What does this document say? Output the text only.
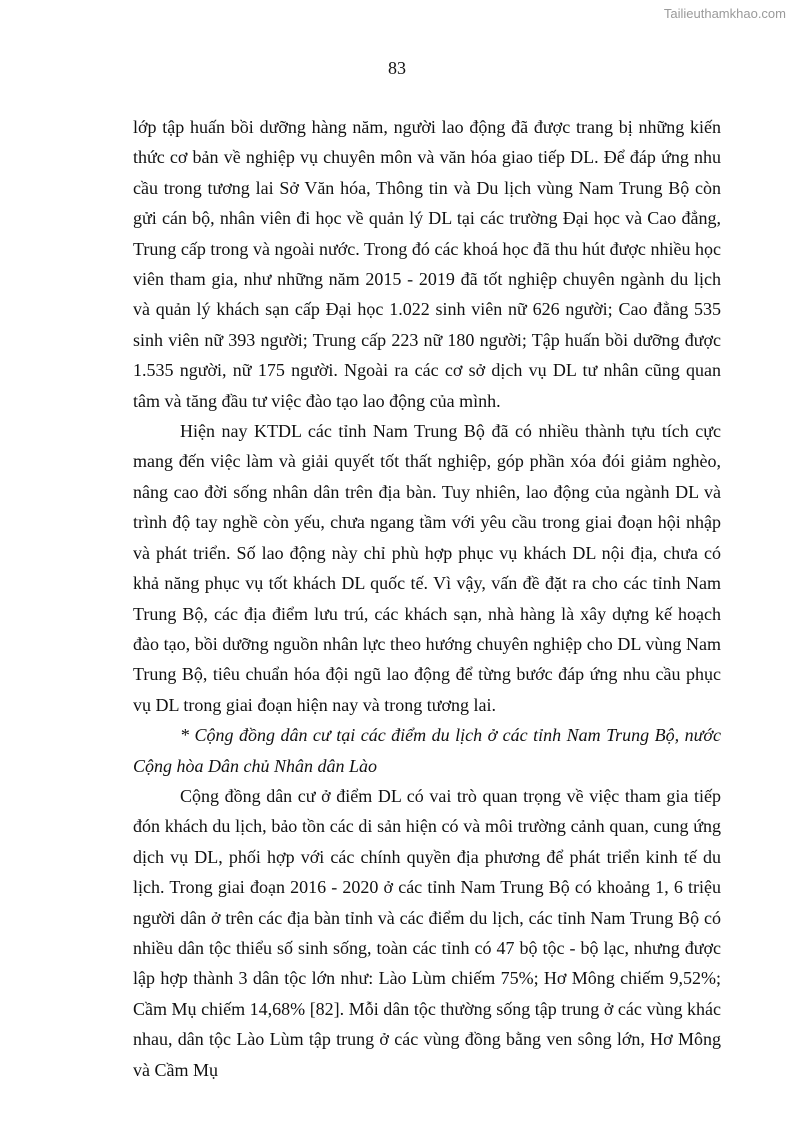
Tailieuthamkhao.com
83

lớp tập huấn bồi dưỡng hàng năm, người lao động đã được trang bị những kiến thức cơ bản về nghiệp vụ chuyên môn và văn hóa giao tiếp DL. Để đáp ứng nhu cầu trong tương lai Sở Văn hóa, Thông tin và Du lịch vùng Nam Trung Bộ còn gửi cán bộ, nhân viên đi học về quản lý DL tại các trường Đại học và Cao đẳng, Trung cấp trong và ngoài nước. Trong đó các khoá học đã thu hút được nhiều học viên tham gia, như những năm 2015 - 2019 đã tốt nghiệp chuyên ngành du lịch và quản lý khách sạn cấp Đại học 1.022 sinh viên nữ 626 người; Cao đẳng 535 sinh viên nữ 393 người; Trung cấp 223 nữ 180 người; Tập huấn bồi dưỡng được 1.535 người, nữ 175 người. Ngoài ra các cơ sở dịch vụ DL tư nhân cũng quan tâm và tăng đầu tư việc đào tạo lao động của mình.

Hiện nay KTDL các tỉnh Nam Trung Bộ đã có nhiều thành tựu tích cực mang đến việc làm và giải quyết tốt thất nghiệp, góp phần xóa đói giảm nghèo, nâng cao đời sống nhân dân trên địa bàn. Tuy nhiên, lao động của ngành DL và trình độ tay nghề còn yếu, chưa ngang tầm với yêu cầu trong giai đoạn hội nhập và phát triển. Số lao động này chỉ phù hợp phục vụ khách DL nội địa, chưa có khả năng phục vụ tốt khách DL quốc tế. Vì vậy, vấn đề đặt ra cho các tỉnh Nam Trung Bộ, các địa điểm lưu trú, các khách sạn, nhà hàng là xây dựng kế hoạch đào tạo, bồi dưỡng nguồn nhân lực theo hướng chuyên nghiệp cho DL vùng Nam Trung Bộ, tiêu chuẩn hóa đội ngũ lao động để từng bước đáp ứng nhu cầu phục vụ DL trong giai đoạn hiện nay và trong tương lai.

* Cộng đồng dân cư tại các điểm du lịch ở các tỉnh Nam Trung Bộ, nước Cộng hòa Dân chủ Nhân dân Lào

Cộng đồng dân cư ở điểm DL có vai trò quan trọng về việc tham gia tiếp đón khách du lịch, bảo tồn các di sản hiện có và môi trường cảnh quan, cung ứng dịch vụ DL, phối hợp với các chính quyền địa phương để phát triển kinh tế du lịch. Trong giai đoạn 2016 - 2020 ở các tỉnh Nam Trung Bộ có khoảng 1, 6 triệu người dân ở trên các địa bàn tỉnh và các điểm du lịch, các tỉnh Nam Trung Bộ có nhiều dân tộc thiểu số sinh sống, toàn các tỉnh có 47 bộ tộc - bộ lạc, nhưng được lập hợp thành 3 dân tộc lớn như: Lào Lùm chiếm 75%; Hơ Mông chiếm 9,52%; Cầm Mụ chiếm 14,68% [82]. Mỗi dân tộc thường sống tập trung ở các vùng khác nhau, dân tộc Lào Lùm tập trung ở các vùng đồng bằng ven sông lớn, Hơ Mông và Cầm Mụ
